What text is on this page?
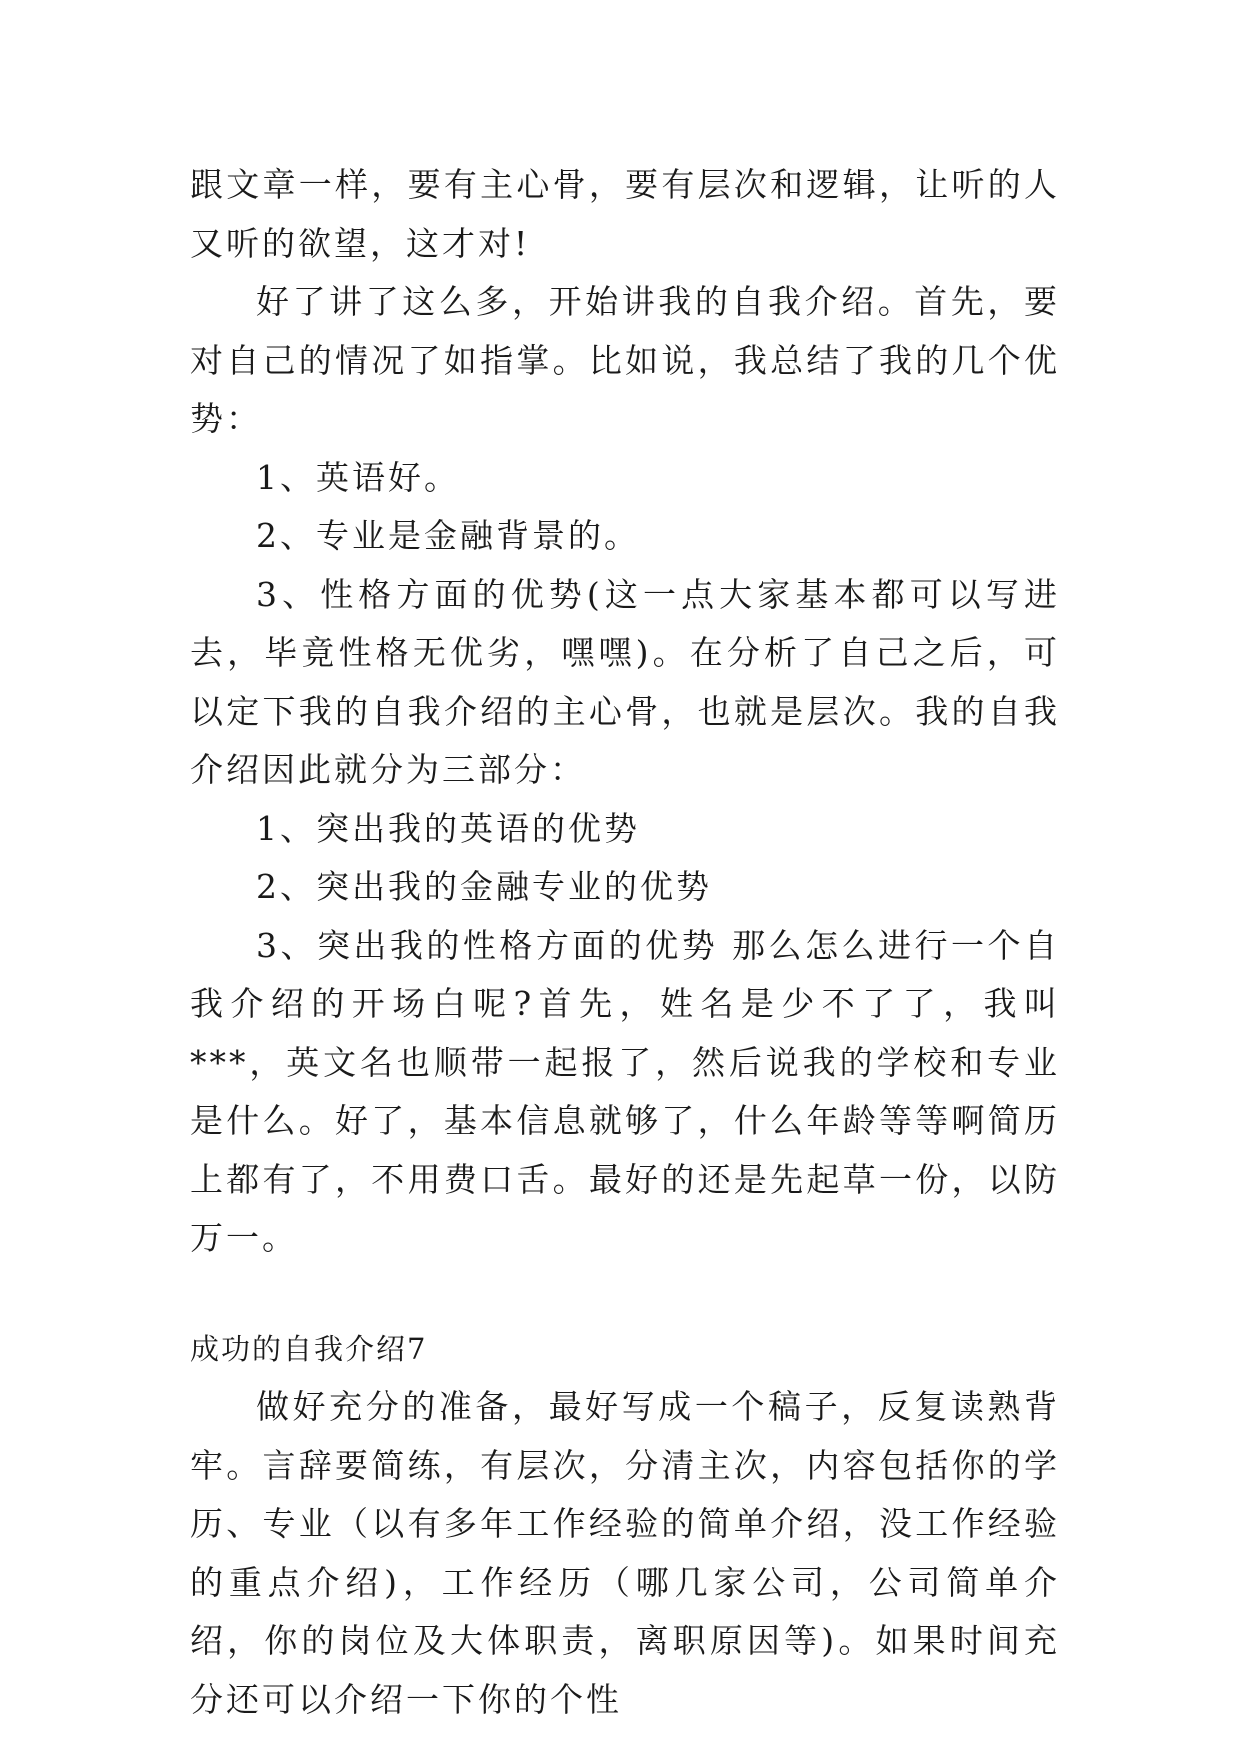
跟文章一样，要有主心骨，要有层次和逻辑，让听的人又听的欲望，这才对!

好了讲了这么多，开始讲我的自我介绍。首先，要对自己的情况了如指掌。比如说，我总结了我的几个优势：

1、英语好。

2、专业是金融背景的。

3、性格方面的优势(这一点大家基本都可以写进去，毕竟性格无优劣，嘿嘿)。在分析了自己之后，可以定下我的自我介绍的主心骨，也就是层次。我的自我介绍因此就分为三部分：

1、突出我的英语的优势

2、突出我的金融专业的优势

3、突出我的性格方面的优势 那么怎么进行一个自我介绍的开场白呢?首先，姓名是少不了了，我叫***，英文名也顺带一起报了，然后说我的学校和专业是什么。好了，基本信息就够了，什么年龄等等啊简历上都有了，不用费口舌。最好的还是先起草一份，以防万一。

成功的自我介绍7

做好充分的准备，最好写成一个稿子，反复读熟背牢。言辞要简练，有层次，分清主次，内容包括你的学历、专业（以有多年工作经验的简单介绍，没工作经验的重点介绍)，工作经历（哪几家公司，公司简单介绍，你的岗位及大体职责，离职原因等)。如果时间充分还可以介绍一下你的个性
